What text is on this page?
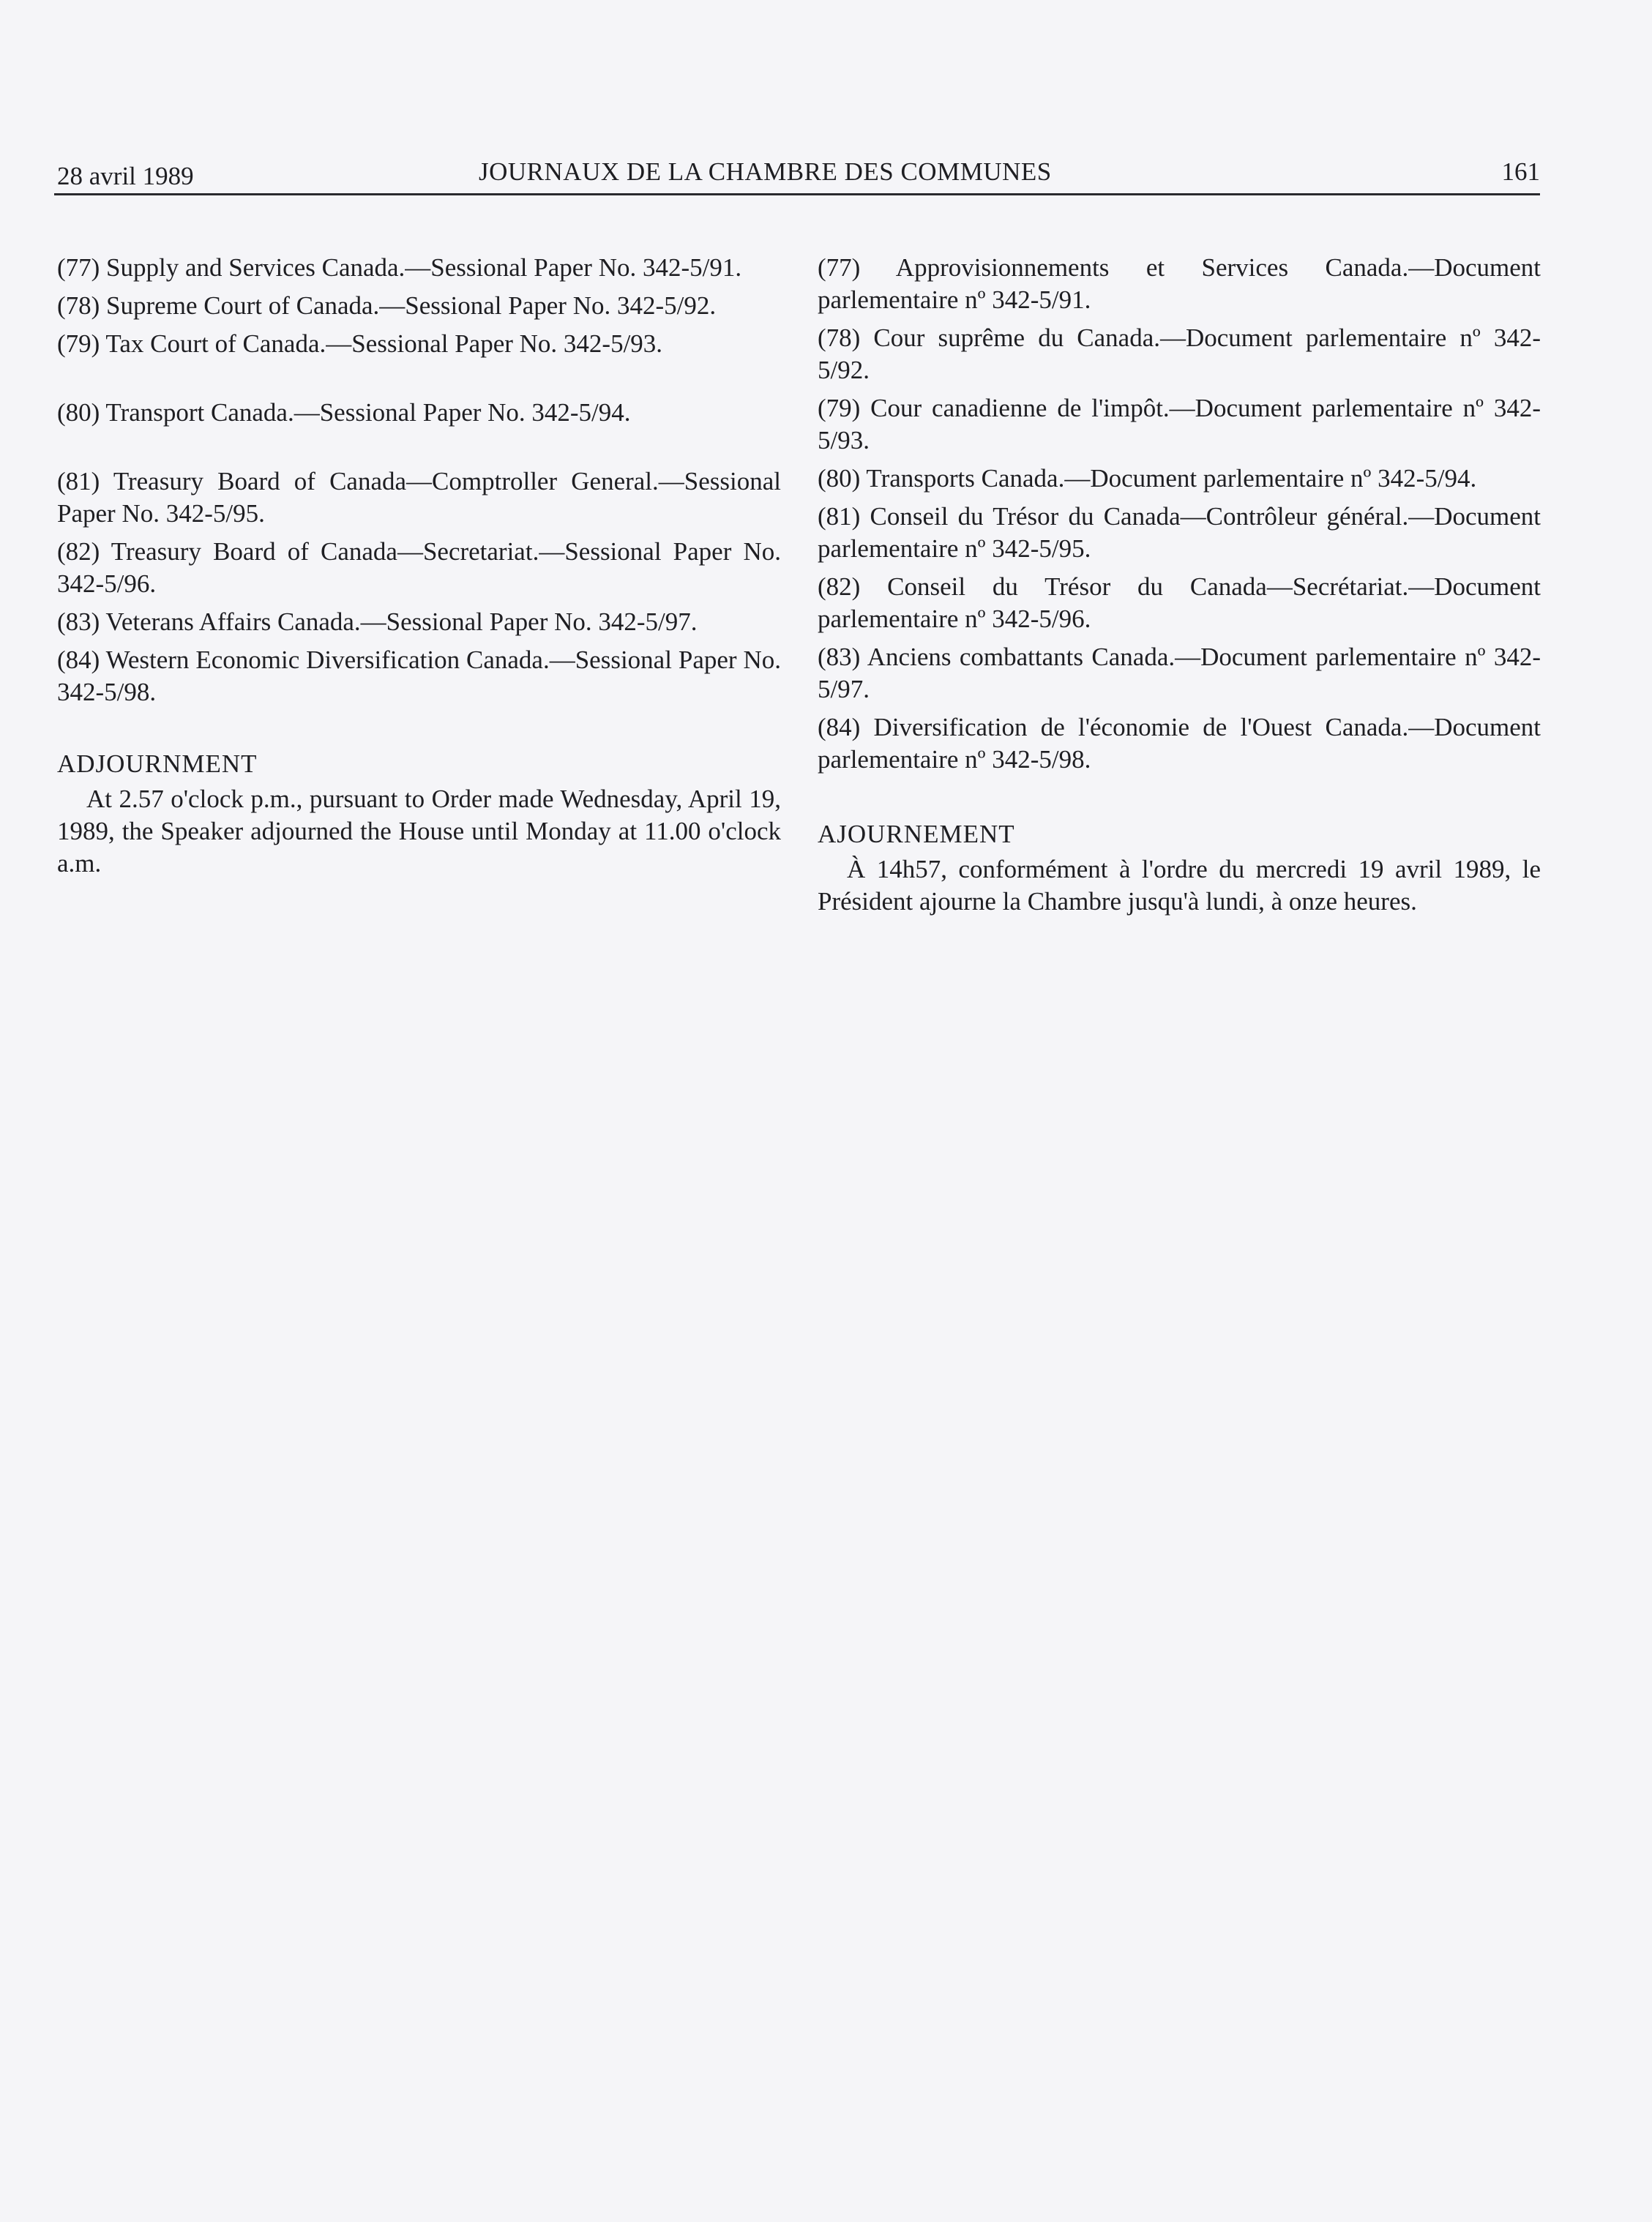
28 avril 1989	JOURNAUX DE LA CHAMBRE DES COMMUNES	161

(77) Supply and Services Canada.—Sessional Paper No. 342-5/91.

(78) Supreme Court of Canada.—Sessional Paper No. 342-5/92.

(79) Tax Court of Canada.—Sessional Paper No. 342-5/93.

(80) Transport Canada.—Sessional Paper No. 342-5/94.

(81) Treasury Board of Canada—Comptroller General.—Sessional Paper No. 342-5/95.

(82) Treasury Board of Canada—Secretariat.—Sessional Paper No. 342-5/96.

(83) Veterans Affairs Canada.—Sessional Paper No. 342-5/97.

(84) Western Economic Diversification Canada.—Sessional Paper No. 342-5/98.

ADJOURNMENT

At 2.57 o'clock p.m., pursuant to Order made Wednesday, April 19, 1989, the Speaker adjourned the House until Monday at 11.00 o'clock a.m.

(77) Approvisionnements et Services Canada.—Document parlementaire nº 342-5/91.

(78) Cour suprême du Canada.—Document parlementaire nº 342-5/92.

(79) Cour canadienne de l'impôt.—Document parlementaire nº 342-5/93.

(80) Transports Canada.—Document parlementaire nº 342-5/94.

(81) Conseil du Trésor du Canada—Contrôleur général.—Document parlementaire nº 342-5/95.

(82) Conseil du Trésor du Canada—Secrétariat.—Document parlementaire nº 342-5/96.

(83) Anciens combattants Canada.—Document parlementaire nº 342-5/97.

(84) Diversification de l'économie de l'Ouest Canada.—Document parlementaire nº 342-5/98.

AJOURNEMENT

À 14h57, conformément à l'ordre du mercredi 19 avril 1989, le Président ajourne la Chambre jusqu'à lundi, à onze heures.
